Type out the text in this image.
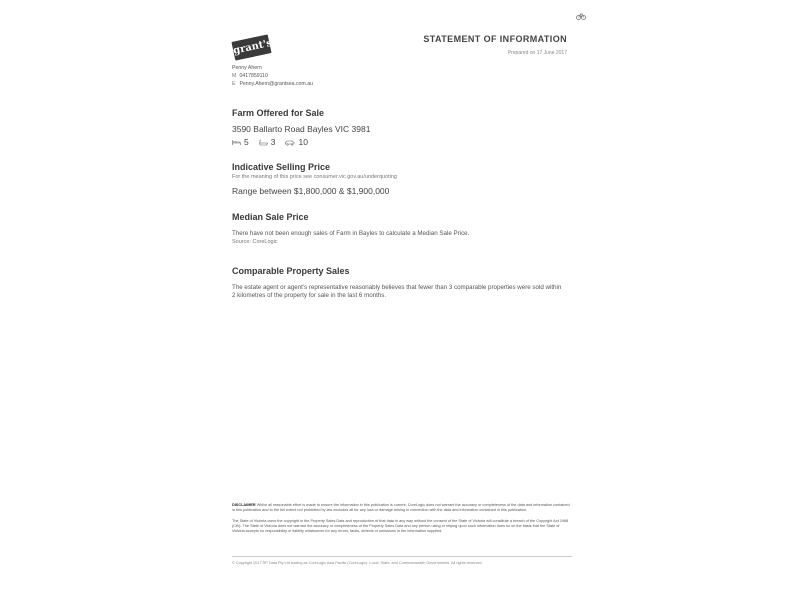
grant's	STATEMENT OF INFORMATION
Prepared on 17 June 2017
Penny Ahern
M 0417859110
E Penny.Ahern@grantsea.com.au
Farm Offered for Sale
3590 Ballarto Road Bayles VIC 3981
5	3	10
Indicative Selling Price
For the meaning of this price see consumer.vic.gov.au/underquoting
Range between $1,800,000 & $1,900,000
Median Sale Price
There have not been enough sales of Farm in Bayles to calculate a Median Sale Price.
Source: CoreLogic
Comparable Property Sales
The estate agent or agent's representative reasonably believes that fewer than 3 comparable properties were sold within 2 kilometres of the property for sale in the last 6 months.
DISCLAIMER Whilst all reasonable effort is made to ensure the information in this publication is current, CoreLogic does not warrant the accuracy or completeness of the data and information contained in this publication and to the full extent not prohibited by law excludes all for any loss or damage arising in connection with the data and information contained in this publication.
The State of Victoria owns the copyright in the Property Sales Data and reproduction of that data in any way without the consent of the State of Victoria will constitute a breach of the Copyright Act 1968 (Cth). The State of Victoria does not warrant the accuracy or completeness of the Property Sales Data and any person using or relying upon such information does so on the basis that the State of Victoria accepts no responsibility or liability whatsoever for any errors, faults, defects or omissions in the information supplied.
© Copyright 2017 RP Data Pty Ltd trading as CoreLogic Asia Pacific (CoreLogic). Local, State, and Commonwealth Governments. All rights reserved.
